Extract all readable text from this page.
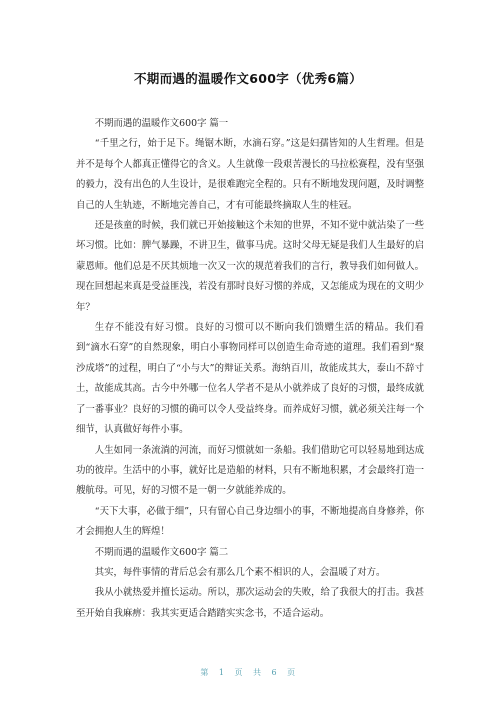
不期而遇的温暖作文600字（优秀6篇）

不期而遇的温暖作文600字 篇一

“千里之行，始于足下。绳锯木断，水滴石穿。”这是妇孺皆知的人生哲理。但是并不是每个人都真正懂得它的含义。人生就像一段艰苦漫长的马拉松赛程，没有坚强的毅力，没有出色的人生设计，是很难跑完全程的。只有不断地发现问题，及时调整自己的人生轨迹，不断地完善自己，才有可能最终摘取人生的桂冠。

还是孩童的时候，我们就已开始接触这个未知的世界，不知不觉中就沾染了一些坏习惯。比如：脾气暴躁，不讲卫生，做事马虎。这时父母无疑是我们人生最好的启蒙恩师。他们总是不厌其烦地一次又一次的规范着我们的言行，教导我们如何做人。现在回想起来真是受益匪浅，若没有那时良好习惯的养成，又怎能成为现在的文明少年？

生存不能没有好习惯。良好的习惯可以不断向我们馈赠生活的精品。我们看到“滴水石穿”的自然现象，明白小事物同样可以创造生命奇迹的道理。我们看到“聚沙成塔”的过程，明白了“小与大”的辩证关系。海纳百川，故能成其大，泰山不辞寸土，故能成其高。古今中外哪一位名人学者不是从小就养成了良好的习惯，最终成就了一番事业？良好的习惯的确可以令人受益终身。而养成好习惯，就必须关注每一个细节，认真做好每件小事。

人生如同一条流淌的河流，而好习惯就如一条船。我们借助它可以轻易地到达成功的彼岸。生活中的小事，就好比是造船的材料，只有不断地积累，才会最终打造一艘航母。可见，好的习惯不是一朝一夕就能养成的。

“天下大事，必做于细”，只有留心自己身边细小的事，不断地提高自身修养，你才会拥抱人生的辉煌！

不期而遇的温暖作文600字 篇二

其实，每件事情的背后总会有那么几个素不相识的人，会温暖了对方。

我从小就热爱并擅长运动。所以，那次运动会的失败，给了我很大的打击。我甚至开始自我麻痹：我其实更适合踏踏实实念书，不适合运动。

第 1 页 共 6 页
